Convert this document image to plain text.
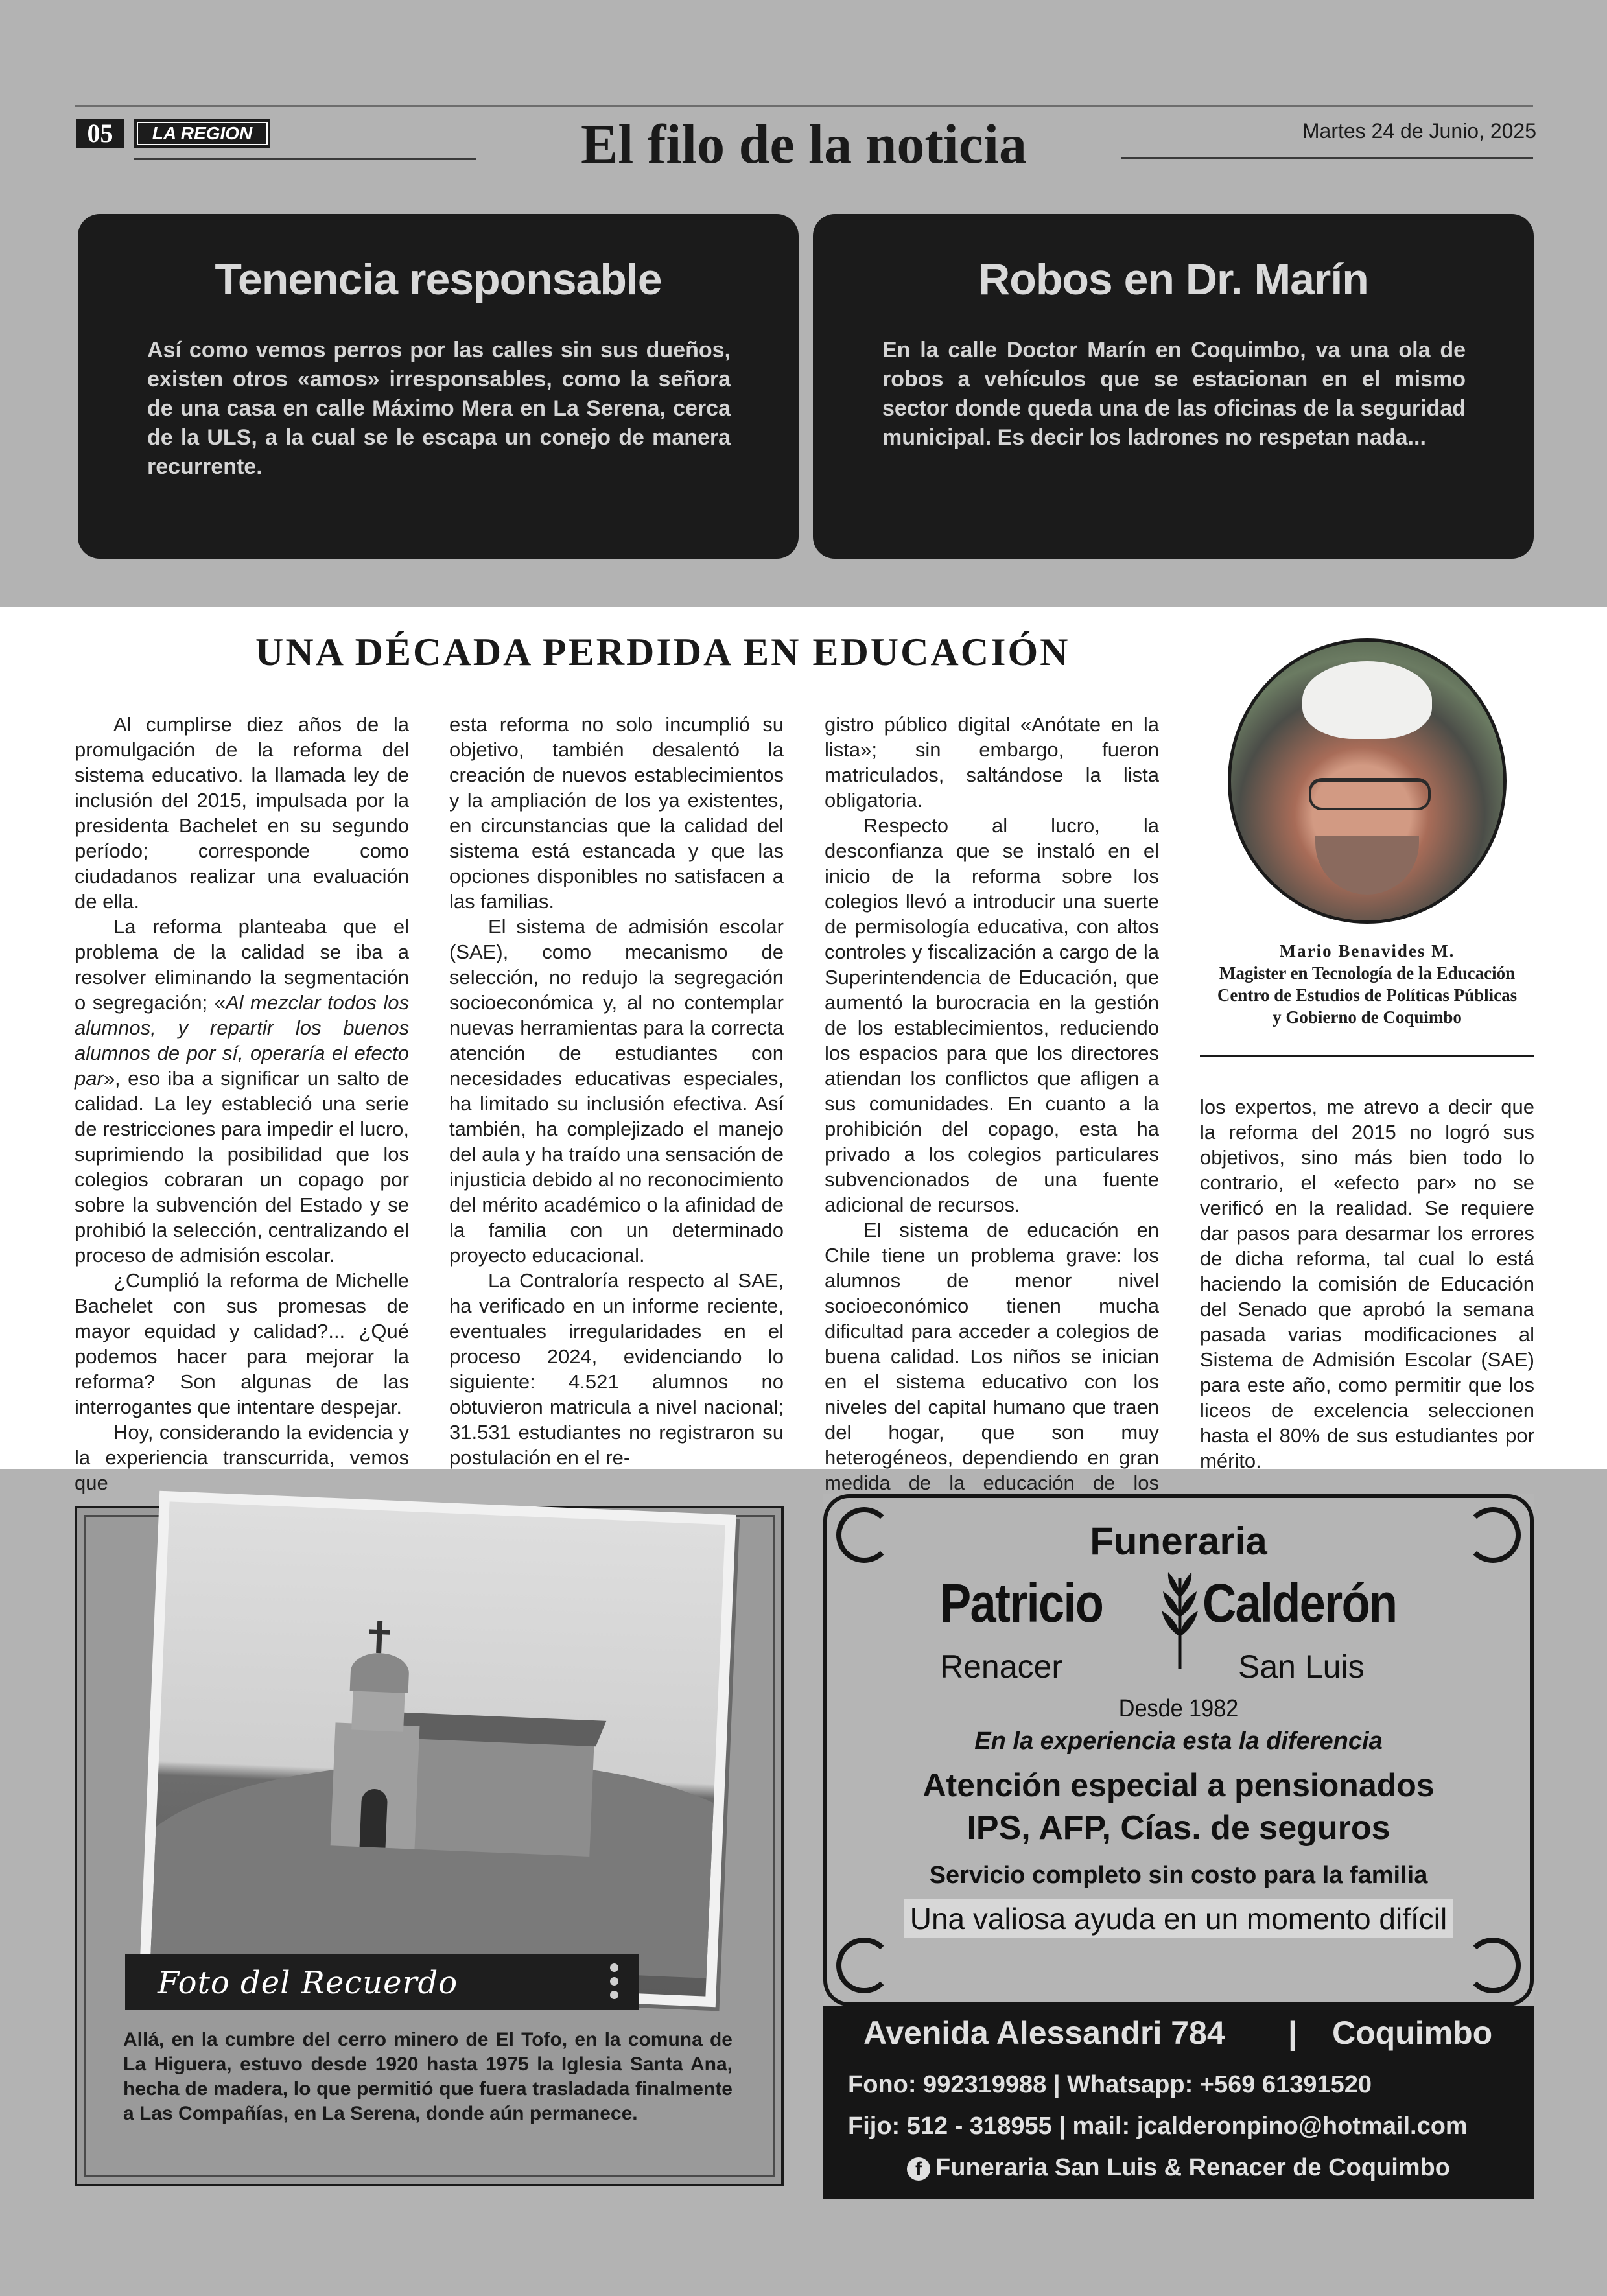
05	LA REGION	El filo de la noticia	Martes 24 de Junio, 2025
Tenencia responsable
Así como vemos perros por las calles sin sus dueños, existen otros «amos» irresponsables, como la señora de una casa en calle Máximo Mera en La Serena, cerca de la ULS, a la cual se le escapa un conejo de manera recurrente.
Robos en Dr. Marín
En la calle Doctor Marín en Coquimbo, va una ola de robos a vehículos que se estacionan en el mismo sector donde queda una de las oficinas de la seguridad municipal. Es decir los ladrones no respetan nada...
UNA DÉCADA PERDIDA EN EDUCACIÓN

Al cumplirse diez años de la promulgación de la reforma del sistema educativo. la llamada ley de inclusión del 2015, impulsada por la presidenta Bachelet en su segundo período; corresponde como ciudadanos realizar una evaluación de ella.

La reforma planteaba que el problema de la calidad se iba a resolver eliminando la segmentación o segregación; «Al mezclar todos los alumnos, y repartir los buenos alumnos de por sí, operaría el efecto par», eso iba a significar un salto de calidad. La ley estableció una serie de restricciones para impedir el lucro, suprimiendo la posibilidad que los colegios cobraran un copago por sobre la subvención del Estado y se prohibió la selección, centralizando el proceso de admisión escolar.

¿Cumplió la reforma de Michelle Bachelet con sus promesas de mayor equidad y calidad?... ¿Qué podemos hacer para mejorar la reforma? Son algunas de las interrogantes que intentare despejar.

Hoy, considerando la evidencia y la experiencia transcurrida, vemos que

esta reforma no solo incumplió su objetivo, también desalentó la creación de nuevos establecimientos y la ampliación de los ya existentes, en circunstancias que la calidad del sistema está estancada y que las opciones disponibles no satisfacen a las familias.

El sistema de admisión escolar (SAE), como mecanismo de selección, no redujo la segregación socioeconómica y, al no contemplar nuevas herramientas para la correcta atención de estudiantes con necesidades educativas especiales, ha limitado su inclusión efectiva. Así también, ha complejizado el manejo del aula y ha traído una sensación de injusticia debido al no reconocimiento del mérito académico o la afinidad de la familia con un determinado proyecto educacional.

La Contraloría respecto al SAE, ha verificado en un informe reciente, eventuales irregularidades en el proceso 2024, evidenciando lo siguiente: 4.521 alumnos no obtuvieron matricula a nivel nacional; 31.531 estudiantes no registraron su postulación en el re-

gistro público digital «Anótate en la lista»; sin embargo, fueron matriculados, saltándose la lista obligatoria.

Respecto al lucro, la desconfianza que se instaló en el inicio de la reforma sobre los colegios llevó a introducir una suerte de permisología educativa, con altos controles y fiscalización a cargo de la Superintendencia de Educación, que aumentó la burocracia en la gestión de los establecimientos, reduciendo los espacios para que los directores atiendan los conflictos que afligen a sus comunidades. En cuanto a la prohibición del copago, esta ha privado a los colegios particulares subvencionados de una fuente adicional de recursos.

El sistema de educación en Chile tiene un problema grave: los alumnos de menor nivel socioeconómico tienen mucha dificultad para acceder a colegios de buena calidad. Los niños se inician en el sistema educativo con los niveles del capital humano que traen del hogar, que son muy heterogéneos, dependiendo en gran medida de la educación de los

Mario Benavides M.
Magister en Tecnología de la Educación
Centro de Estudios de Políticas Públicas
y Gobierno de Coquimbo

los expertos, me atrevo a decir que la reforma del 2015 no logró sus objetivos, sino más bien todo lo contrario, el «efecto par» no se verificó en la realidad. Se requiere dar pasos para desarmar los errores de dicha reforma, tal cual lo está haciendo la comisión de Educación del Senado que aprobó la semana pasada varias modificaciones al Sistema de Admisión Escolar (SAE) para este año, como permitir que los liceos de excelencia seleccionen hasta el 80% de sus estudiantes por mérito.

Foto del Recuerdo
Allá, en la cumbre del cerro minero de El Tofo, en la comuna de La Higuera, estuvo desde 1920 hasta 1975 la Iglesia Santa Ana, hecha de madera, lo que permitió que fuera trasladada finalmente a Las Compañías, en La Serena, donde aún permanece.
Funeraria
Patricio Calderón
Renacer	San Luis
Desde 1982
En la experiencia esta la diferencia
Atención especial a pensionados
IPS, AFP, Cías. de seguros
Servicio completo sin costo para la familia
Una valiosa ayuda en un momento difícil
Avenida Alessandri 784 | Coquimbo
Fono: 992319988 | Whatsapp: +569 61391520
Fijo: 512 - 318955 | mail: jcalderonpino@hotmail.com
f Funeraria San Luis & Renacer de Coquimbo
